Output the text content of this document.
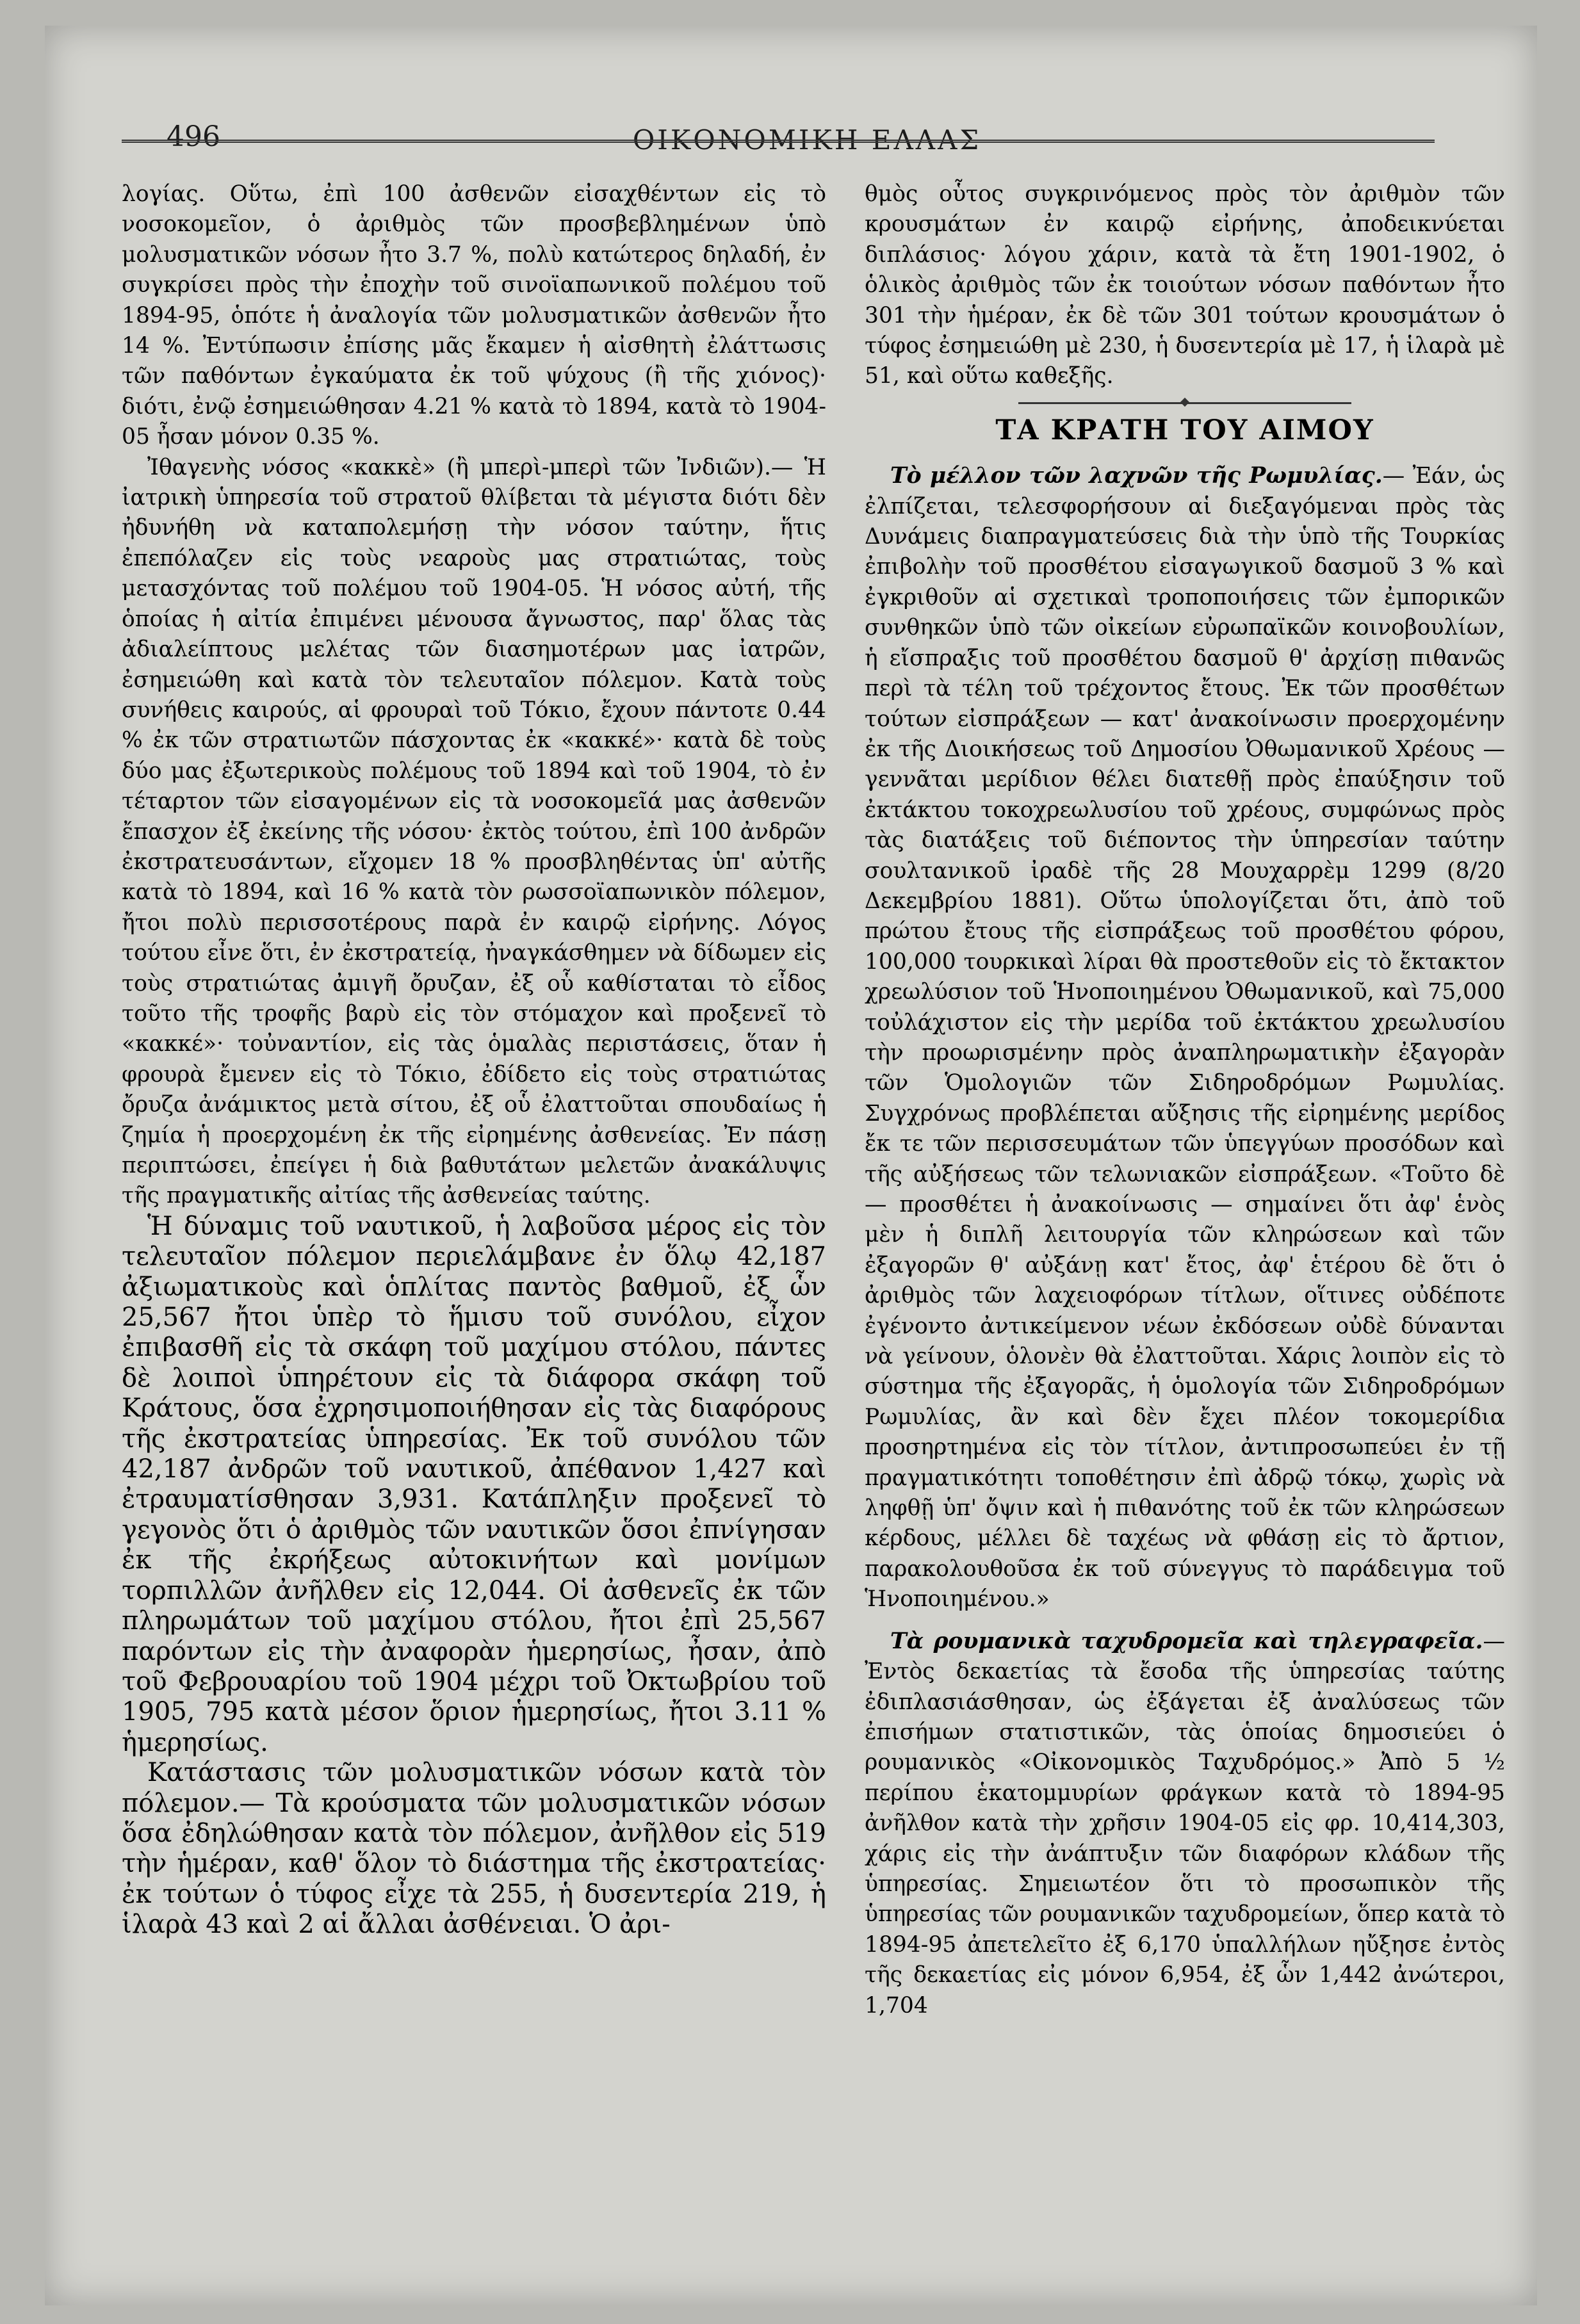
496	ΟΙΚΟΝΟΜΙΚΗ ΕΛΛΑΣ

λογίας. Οὕτω, ἐπὶ 100 ἀσθενῶν εἰσαχθέντων εἰς τὸ νοσοκομεῖον, ὁ ἀριθμὸς τῶν προσβεβλημένων ὑπὸ μολυσματικῶν νόσων ἦτο 3.7 %, πολὺ κατώτερος δηλαδή, ἐν συγκρίσει πρὸς τὴν ἐποχὴν τοῦ σινοϊαπωνικοῦ πολέμου τοῦ 1894-95, ὁπότε ἡ ἀναλογία τῶν μολυσματικῶν ἀσθενῶν ἦτο 14 %. Ἐντύπωσιν ἐπίσης μᾶς ἔκαμεν ἡ αἰσθητὴ ἐλάττωσις τῶν παθόντων ἐγκαύματα ἐκ τοῦ ψύχους (ἢ τῆς χιόνος)· διότι, ἐνῷ ἐσημειώθησαν 4.21 % κατὰ τὸ 1894, κατὰ τὸ 1904-05 ἦσαν μόνον 0.35 %.

Ἰθαγενὴς νόσος «κακκὲ» (ἢ μπερὶ-μπερὶ τῶν Ἰνδιῶν).— Ἡ ἰατρικὴ ὑπηρεσία τοῦ στρατοῦ θλίβεται τὰ μέγιστα διότι δὲν ἠδυνήθη νὰ καταπολεμήσῃ τὴν νόσον ταύτην, ἥτις ἐπεπόλαζεν εἰς τοὺς νεαροὺς μας στρατιώτας, τοὺς μετασχόντας τοῦ πολέμου τοῦ 1904-05. Ἡ νόσος αὐτή, τῆς ὁποίας ἡ αἰτία ἐπιμένει μένουσα ἄγνωστος, παρ' ὅλας τὰς ἀδιαλείπτους μελέτας τῶν διασημοτέρων μας ἰατρῶν, ἐσημειώθη καὶ κατὰ τὸν τελευταῖον πόλεμον. Κατὰ τοὺς συνήθεις καιρούς, αἱ φρουραὶ τοῦ Τόκιο, ἔχουν πάντοτε 0.44 % ἐκ τῶν στρατιωτῶν πάσχοντας ἐκ «κακκέ»· κατὰ δὲ τοὺς δύο μας ἐξωτερικοὺς πολέμους τοῦ 1894 καὶ τοῦ 1904, τὸ ἐν τέταρτον τῶν εἰσαγομένων εἰς τὰ νοσοκομεῖά μας ἀσθενῶν ἔπασχον ἐξ ἐκείνης τῆς νόσου· ἐκτὸς τούτου, ἐπὶ 100 ἀνδρῶν ἐκστρατευσάντων, εἴχομεν 18 % προσβληθέντας ὑπ' αὐτῆς κατὰ τὸ 1894, καὶ 16 % κατὰ τὸν ρωσσοϊαπωνικὸν πόλεμον, ἤτοι πολὺ περισσοτέρους παρὰ ἐν καιρῷ εἰρήνης. Λόγος τούτου εἶνε ὅτι, ἐν ἐκστρατείᾳ, ἠναγκάσθημεν νὰ δίδωμεν εἰς τοὺς στρατιώτας ἀμιγῆ ὄρυζαν, ἐξ οὗ καθίσταται τὸ εἶδος τοῦτο τῆς τροφῆς βαρὺ εἰς τὸν στόμαχον καὶ προξενεῖ τὸ «κακκέ»· τοὐναντίον, εἰς τὰς ὁμαλὰς περιστάσεις, ὅταν ἡ φρουρὰ ἔμενεν εἰς τὸ Τόκιο, ἐδίδετο εἰς τοὺς στρατιώτας ὄρυζα ἀνάμικτος μετὰ σίτου, ἐξ οὗ ἐλαττοῦται σπουδαίως ἡ ζημία ἡ προερχομένη ἐκ τῆς εἰρημένης ἀσθενείας. Ἐν πάσῃ περιπτώσει, ἐπείγει ἡ διὰ βαθυτάτων μελετῶν ἀνακάλυψις τῆς πραγματικῆς αἰτίας τῆς ἀσθενείας ταύτης.

Ἡ δύναμις τοῦ ναυτικοῦ, ἡ λαβοῦσα μέρος εἰς τὸν τελευταῖον πόλεμον περιελάμβανε ἐν ὅλῳ 42,187 ἀξιωματικοὺς καὶ ὁπλίτας παντὸς βαθμοῦ, ἐξ ὧν 25,567 ἤτοι ὑπὲρ τὸ ἥμισυ τοῦ συνόλου, εἶχον ἐπιβασθῆ εἰς τὰ σκάφη τοῦ μαχίμου στόλου, πάντες δὲ λοιποὶ ὑπηρέτουν εἰς τὰ διάφορα σκάφη τοῦ Κράτους, ὅσα ἐχρησιμοποιήθησαν εἰς τὰς διαφόρους τῆς ἐκστρατείας ὑπηρεσίας. Ἐκ τοῦ συνόλου τῶν 42,187 ἀνδρῶν τοῦ ναυτικοῦ, ἀπέθανον 1,427 καὶ ἐτραυματίσθησαν 3,931. Κατάπληξιν προξενεῖ τὸ γεγονὸς ὅτι ὁ ἀριθμὸς τῶν ναυτικῶν ὅσοι ἐπνίγησαν ἐκ τῆς ἐκρήξεως αὐτοκινήτων καὶ μονίμων τορπιλλῶν ἀνῆλθεν εἰς 12,044. Οἱ ἀσθενεῖς ἐκ τῶν πληρωμάτων τοῦ μαχίμου στόλου, ἤτοι ἐπὶ 25,567 παρόντων εἰς τὴν ἀναφορὰν ἡμερησίως, ἦσαν, ἀπὸ τοῦ Φεβρουαρίου τοῦ 1904 μέχρι τοῦ Ὀκτωβρίου τοῦ 1905, 795 κατὰ μέσον ὅριον ἡμερησίως, ἤτοι 3.11 % ἡμερησίως.

Κατάστασις τῶν μολυσματικῶν νόσων κατὰ τὸν πόλεμον.— Τὰ κρούσματα τῶν μολυσματικῶν νόσων ὅσα ἐδηλώθησαν κατὰ τὸν πόλεμον, ἀνῆλθον εἰς 519 τὴν ἡμέραν, καθ' ὅλον τὸ διάστημα τῆς ἐκστρατείας· ἐκ τούτων ὁ τύφος εἶχε τὰ 255, ἡ δυσεντερία 219, ἡ ἱλαρὰ 43 καὶ 2 αἱ ἄλλαι ἀσθένειαι. Ὁ ἀρι-

θμὸς οὗτος συγκρινόμενος πρὸς τὸν ἀριθμὸν τῶν κρουσμάτων ἐν καιρῷ εἰρήνης, ἀποδεικνύεται διπλάσιος· λόγου χάριν, κατὰ τὰ ἔτη 1901-1902, ὁ ὁλικὸς ἀριθμὸς τῶν ἐκ τοιούτων νόσων παθόντων ἦτο 301 τὴν ἡμέραν, ἐκ δὲ τῶν 301 τούτων κρουσμάτων ὁ τύφος ἐσημειώθη μὲ 230, ἡ δυσεντερία μὲ 17, ἡ ἱλαρὰ μὲ 51, καὶ οὕτω καθεξῆς.

ΤΑ ΚΡΑΤΗ ΤΟΥ ΑΙΜΟΥ

Τὸ μέλλον τῶν λαχνῶν τῆς Ρωμυλίας.— Ἐάν, ὡς ἐλπίζεται, τελεσφορήσουν αἱ διεξαγόμεναι πρὸς τὰς Δυνάμεις διαπραγματεύσεις διὰ τὴν ὑπὸ τῆς Τουρκίας ἐπιβολὴν τοῦ προσθέτου εἰσαγωγικοῦ δασμοῦ 3 % καὶ ἐγκριθοῦν αἱ σχετικαὶ τροποποιήσεις τῶν ἐμπορικῶν συνθηκῶν ὑπὸ τῶν οἰκείων εὐρωπαϊκῶν κοινοβουλίων, ἡ εἴσπραξις τοῦ προσθέτου δασμοῦ θ' ἀρχίσῃ πιθανῶς περὶ τὰ τέλη τοῦ τρέχοντος ἔτους. Ἐκ τῶν προσθέτων τούτων εἰσπράξεων — κατ' ἀνακοίνωσιν προερχομένην ἐκ τῆς Διοικήσεως τοῦ Δημοσίου Ὀθωμανικοῦ Χρέους — γεννᾶται μερίδιον θέλει διατεθῇ πρὸς ἐπαύξησιν τοῦ ἐκτάκτου τοκοχρεωλυσίου τοῦ χρέους, συμφώνως πρὸς τὰς διατάξεις τοῦ διέποντος τὴν ὑπηρεσίαν ταύτην σουλτανικοῦ ἰραδὲ τῆς 28 Μουχαρρὲμ 1299 (8/20 Δεκεμβρίου 1881). Οὕτω ὑπολογίζεται ὅτι, ἀπὸ τοῦ πρώτου ἔτους τῆς εἰσπράξεως τοῦ προσθέτου φόρου, 100,000 τουρκικαὶ λίραι θὰ προστεθοῦν εἰς τὸ ἔκτακτον χρεωλύσιον τοῦ Ἡνοποιημένου Ὀθωμανικοῦ, καὶ 75,000 τοὐλάχιστον εἰς τὴν μερίδα τοῦ ἐκτάκτου χρεωλυσίου τὴν προωρισμένην πρὸς ἀναπληρωματικὴν ἐξαγορὰν τῶν Ὁμολογιῶν τῶν Σιδηροδρόμων Ρωμυλίας. Συγχρόνως προβλέπεται αὔξησις τῆς εἰρημένης μερίδος ἔκ τε τῶν περισσευμάτων τῶν ὑπεγγύων προσόδων καὶ τῆς αὐξήσεως τῶν τελωνιακῶν εἰσπράξεων. «Τοῦτο δὲ — προσθέτει ἡ ἀνακοίνωσις — σημαίνει ὅτι ἀφ' ἑνὸς μὲν ἡ διπλῆ λειτουργία τῶν κληρώσεων καὶ τῶν ἐξαγορῶν θ' αὐξάνῃ κατ' ἔτος, ἀφ' ἑτέρου δὲ ὅτι ὁ ἀριθμὸς τῶν λαχειοφόρων τίτλων, οἵτινες οὐδέποτε ἐγένοντο ἀντικείμενον νέων ἐκδόσεων οὐδὲ δύνανται νὰ γείνουν, ὁλονὲν θὰ ἐλαττοῦται. Χάρις λοιπὸν εἰς τὸ σύστημα τῆς ἐξαγορᾶς, ἡ ὁμολογία τῶν Σιδηροδρόμων Ρωμυλίας, ἂν καὶ δὲν ἔχει πλέον τοκομερίδια προσηρτημένα εἰς τὸν τίτλον, ἀντιπροσωπεύει ἐν τῇ πραγματικότητι τοποθέτησιν ἐπὶ ἀδρῷ τόκῳ, χωρὶς νὰ ληφθῇ ὑπ' ὄψιν καὶ ἡ πιθανότης τοῦ ἐκ τῶν κληρώσεων κέρδους, μέλλει δὲ ταχέως νὰ φθάσῃ εἰς τὸ ἄρτιον, παρακολουθοῦσα ἐκ τοῦ σύνεγγυς τὸ παράδειγμα τοῦ Ἡνοποιημένου.»

Τὰ ρουμανικὰ ταχυδρομεῖα καὶ τηλεγραφεῖα.— Ἐντὸς δεκαετίας τὰ ἔσοδα τῆς ὑπηρεσίας ταύτης ἐδιπλασιάσθησαν, ὡς ἐξάγεται ἐξ ἀναλύσεως τῶν ἐπισήμων στατιστικῶν, τὰς ὁποίας δημοσιεύει ὁ ρουμανικὸς «Οἰκονομικὸς Ταχυδρόμος.» Ἀπὸ 5 ½ περίπου ἑκατομμυρίων φράγκων κατὰ τὸ 1894-95 ἀνῆλθον κατὰ τὴν χρῆσιν 1904-05 εἰς φρ. 10,414,303, χάρις εἰς τὴν ἀνάπτυξιν τῶν διαφόρων κλάδων τῆς ὑπηρεσίας. Σημειωτέον ὅτι τὸ προσωπικὸν τῆς ὑπηρεσίας τῶν ρουμανικῶν ταχυδρομείων, ὅπερ κατὰ τὸ 1894-95 ἀπετελεῖτο ἐξ 6,170 ὑπαλλήλων ηὔξησε ἐντὸς τῆς δεκαετίας εἰς μόνον 6,954, ἐξ ὧν 1,442 ἀνώτεροι, 1,704
